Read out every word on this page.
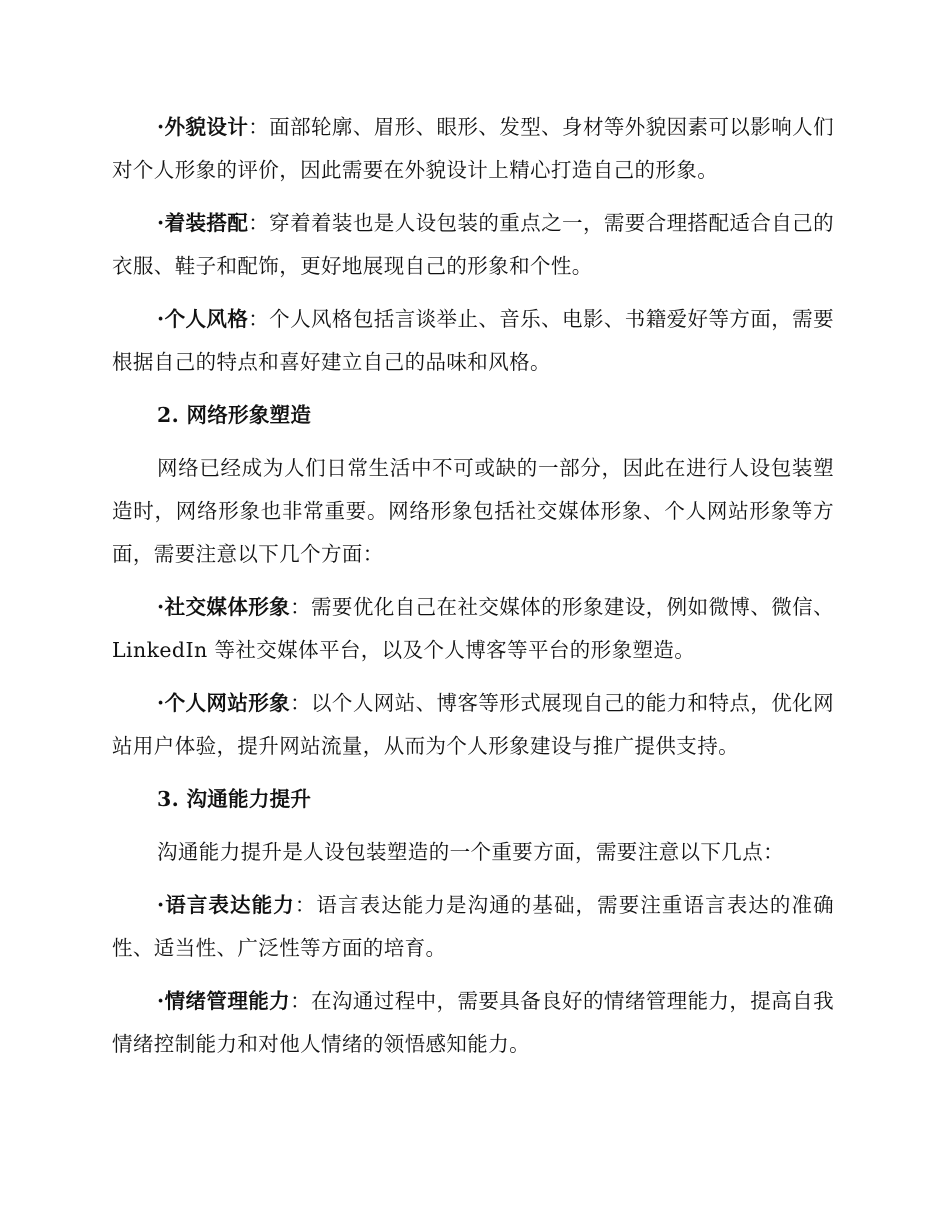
·外貌设计：面部轮廓、眉形、眼形、发型、身材等外貌因素可以影响人们对个人形象的评价，因此需要在外貌设计上精心打造自己的形象。

·着装搭配：穿着着装也是人设包装的重点之一，需要合理搭配适合自己的衣服、鞋子和配饰，更好地展现自己的形象和个性。

·个人风格：个人风格包括言谈举止、音乐、电影、书籍爱好等方面，需要根据自己的特点和喜好建立自己的品味和风格。

2. 网络形象塑造

网络已经成为人们日常生活中不可或缺的一部分，因此在进行人设包装塑造时，网络形象也非常重要。网络形象包括社交媒体形象、个人网站形象等方面，需要注意以下几个方面：

·社交媒体形象：需要优化自己在社交媒体的形象建设，例如微博、微信、LinkedIn 等社交媒体平台，以及个人博客等平台的形象塑造。

·个人网站形象：以个人网站、博客等形式展现自己的能力和特点，优化网站用户体验，提升网站流量，从而为个人形象建设与推广提供支持。

3. 沟通能力提升

沟通能力提升是人设包装塑造的一个重要方面，需要注意以下几点：

·语言表达能力：语言表达能力是沟通的基础，需要注重语言表达的准确性、适当性、广泛性等方面的培育。

·情绪管理能力：在沟通过程中，需要具备良好的情绪管理能力，提高自我情绪控制能力和对他人情绪的领悟感知能力。
